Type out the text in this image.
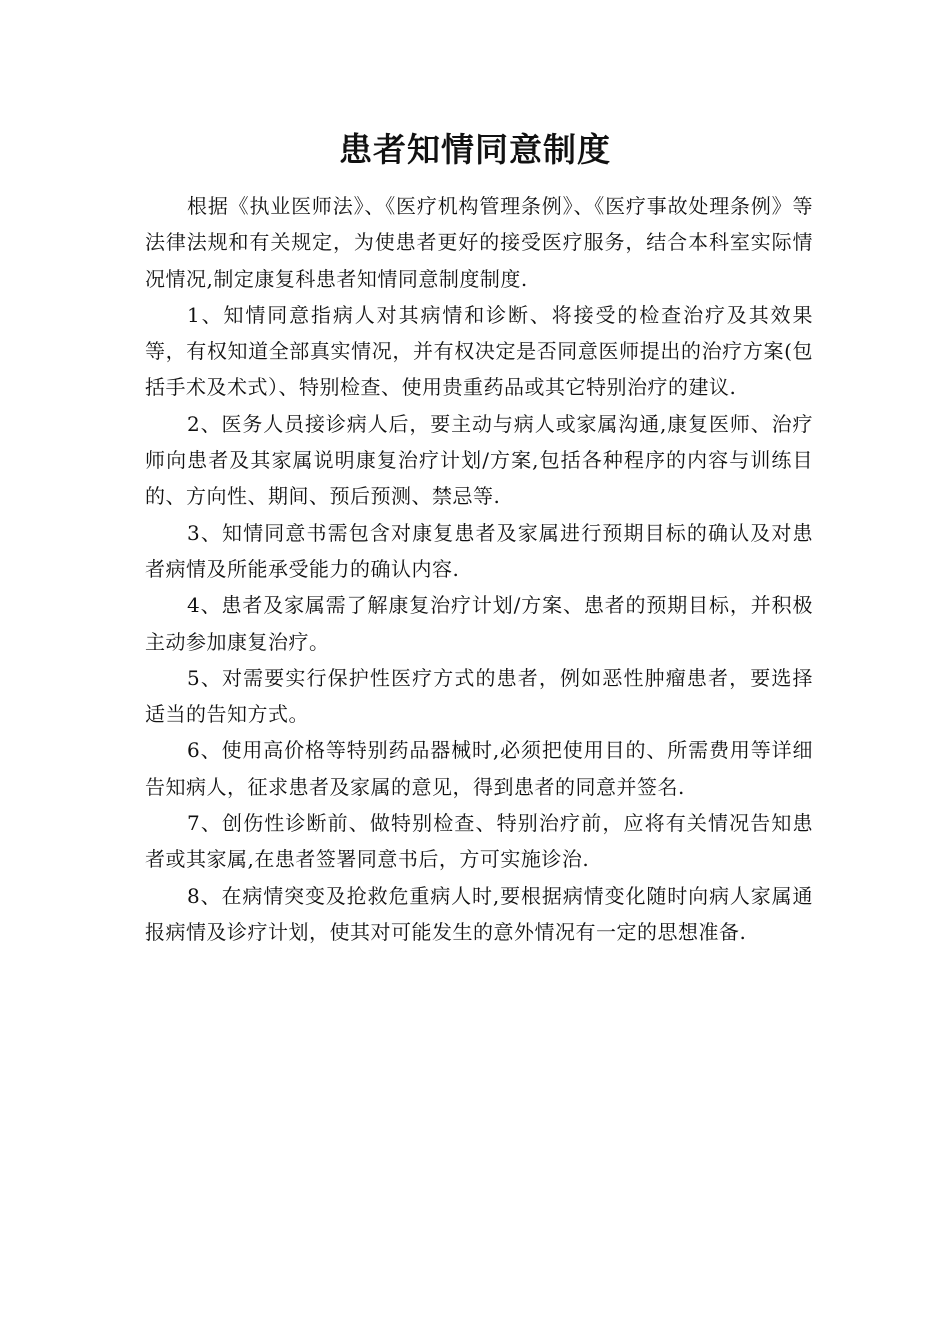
患者知情同意制度

根据《执业医师法》、《医疗机构管理条例》、《医疗事故处理条例》等法律法规和有关规定，为使患者更好的接受医疗服务，结合本科室实际情况情况,制定康复科患者知情同意制度制度.

1、知情同意指病人对其病情和诊断、将接受的检查治疗及其效果等，有权知道全部真实情况，并有权决定是否同意医师提出的治疗方案(包括手术及术式）、特别检查、使用贵重药品或其它特别治疗的建议.

2、医务人员接诊病人后，要主动与病人或家属沟通,康复医师、治疗师向患者及其家属说明康复治疗计划/方案,包括各种程序的内容与训练目的、方向性、期间、预后预测、禁忌等.

3、知情同意书需包含对康复患者及家属进行预期目标的确认及对患者病情及所能承受能力的确认内容.

4、患者及家属需了解康复治疗计划/方案、患者的预期目标，并积极主动参加康复治疗。

5、对需要实行保护性医疗方式的患者，例如恶性肿瘤患者，要选择适当的告知方式。

6、使用高价格等特别药品器械时,必须把使用目的、所需费用等详细告知病人，征求患者及家属的意见，得到患者的同意并签名.

7、创伤性诊断前、做特别检查、特别治疗前，应将有关情况告知患者或其家属,在患者签署同意书后，方可实施诊治.

8、在病情突变及抢救危重病人时,要根据病情变化随时向病人家属通报病情及诊疗计划，使其对可能发生的意外情况有一定的思想准备.
